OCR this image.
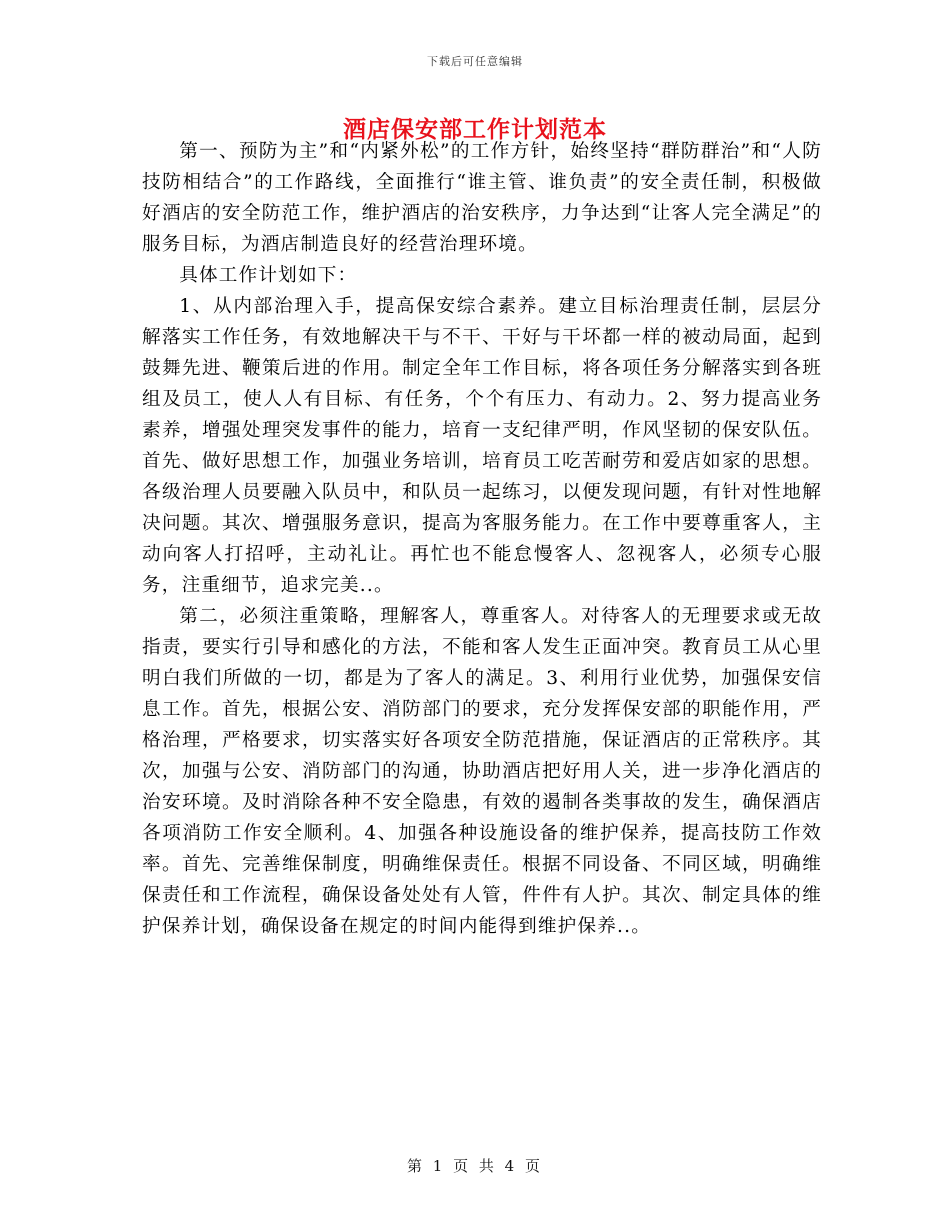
下载后可任意编辑
酒店保安部工作计划范本

第一、预防为主”和“内紧外松”的工作方针，始终坚持“群防群治”和“人防技防相结合”的工作路线，全面推行“谁主管、谁负责”的安全责任制，积极做好酒店的安全防范工作，维护酒店的治安秩序，力争达到“让客人完全满足”的服务目标，为酒店制造良好的经营治理环境。

具体工作计划如下：

1、从内部治理入手，提高保安综合素养。建立目标治理责任制，层层分解落实工作任务，有效地解决干与不干、干好与干坏都一样的被动局面，起到鼓舞先进、鞭策后进的作用。制定全年工作目标，将各项任务分解落实到各班组及员工，使人人有目标、有任务，个个有压力、有动力。2、努力提高业务素养，增强处理突发事件的能力，培育一支纪律严明，作风坚韧的保安队伍。首先、做好思想工作，加强业务培训，培育员工吃苦耐劳和爱店如家的思想。各级治理人员要融入队员中，和队员一起练习，以便发现问题，有针对性地解决问题。其次、增强服务意识，提高为客服务能力。在工作中要尊重客人，主动向客人打招呼，主动礼让。再忙也不能怠慢客人、忽视客人，必须专心服务，注重细节，追求完美..。

第二，必须注重策略，理解客人，尊重客人。对待客人的无理要求或无故指责，要实行引导和感化的方法，不能和客人发生正面冲突。教育员工从心里明白我们所做的一切，都是为了客人的满足。3、利用行业优势，加强保安信息工作。首先，根据公安、消防部门的要求，充分发挥保安部的职能作用，严格治理，严格要求，切实落实好各项安全防范措施，保证酒店的正常秩序。其次，加强与公安、消防部门的沟通，协助酒店把好用人关，进一步净化酒店的治安环境。及时消除各种不安全隐患，有效的遏制各类事故的发生，确保酒店各项消防工作安全顺利。4、加强各种设施设备的维护保养，提高技防工作效率。首先、完善维保制度，明确维保责任。根据不同设备、不同区域，明确维保责任和工作流程，确保设备处处有人管，件件有人护。其次、制定具体的维护保养计划，确保设备在规定的时间内能得到维护保养..。

第 1 页 共 4 页
